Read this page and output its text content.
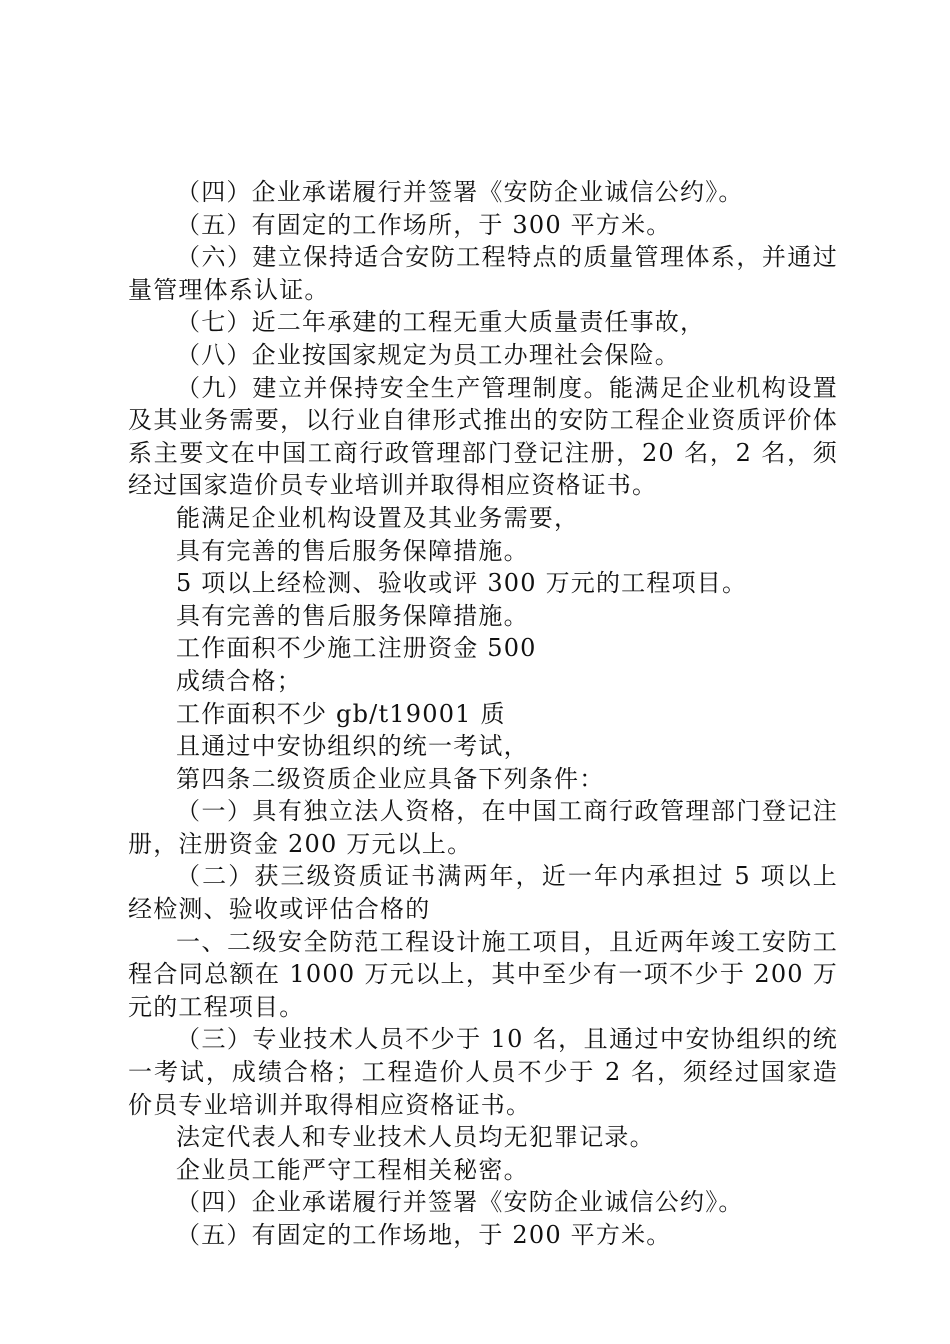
（四）企业承诺履行并签署《安防企业诚信公约》。

（五）有固定的工作场所，于 300 平方米。

（六）建立保持适合安防工程特点的质量管理体系，并通过量管理体系认证。

（七）近二年承建的工程无重大质量责任事故，

（八）企业按国家规定为员工办理社会保险。

（九）建立并保持安全生产管理制度。能满足企业机构设置及其业务需要，以行业自律形式推出的安防工程企业资质评价体系主要文在中国工商行政管理部门登记注册，20 名，2 名，须经过国家造价员专业培训并取得相应资格证书。

能满足企业机构设置及其业务需要，

具有完善的售后服务保障措施。

5 项以上经检测、验收或评 300 万元的工程项目。

具有完善的售后服务保障措施。

工作面积不少施工注册资金 500

成绩合格；

工作面积不少 gb/t19001 质

且通过中安协组织的统一考试，

第四条二级资质企业应具备下列条件：

（一）具有独立法人资格，在中国工商行政管理部门登记注册，注册资金 200 万元以上。

（二）获三级资质证书满两年，近一年内承担过 5 项以上经检测、验收或评估合格的

一、二级安全防范工程设计施工项目，且近两年竣工安防工程合同总额在 1000 万元以上，其中至少有一项不少于 200 万元的工程项目。

（三）专业技术人员不少于 10 名，且通过中安协组织的统一考试，成绩合格；工程造价人员不少于 2 名，须经过国家造价员专业培训并取得相应资格证书。

法定代表人和专业技术人员均无犯罪记录。

企业员工能严守工程相关秘密。

（四）企业承诺履行并签署《安防企业诚信公约》。

（五）有固定的工作场地，于 200 平方米。
